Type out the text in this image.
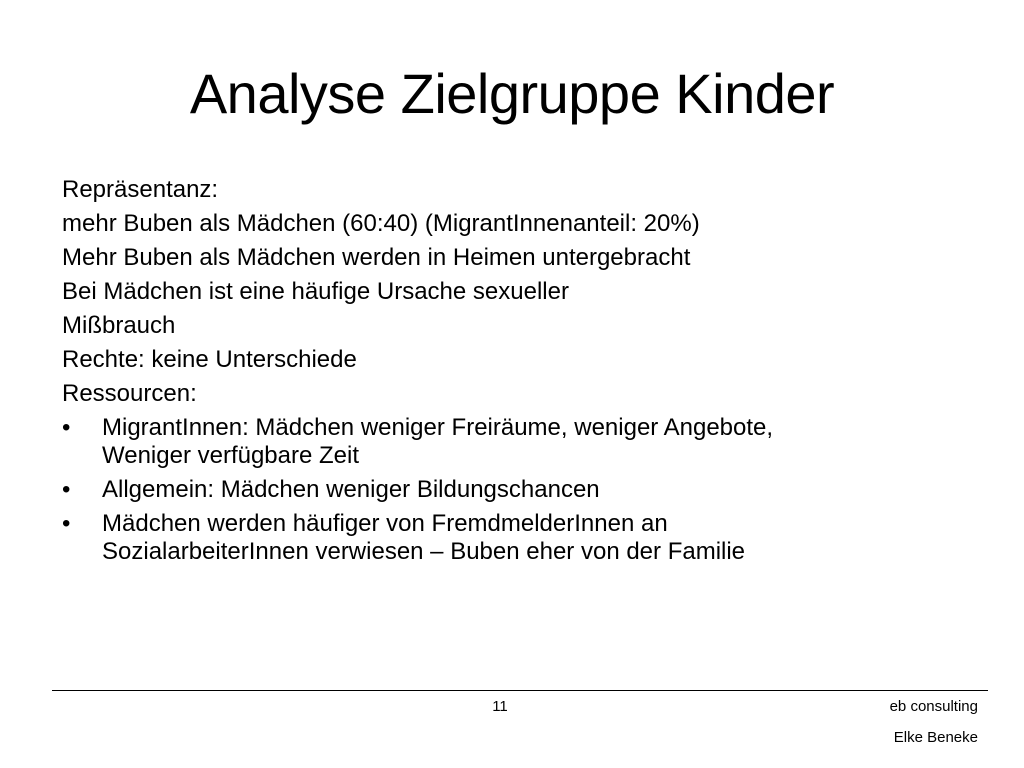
Analyse Zielgruppe Kinder
Repräsentanz:
mehr Buben als Mädchen (60:40) (MigrantInnenanteil: 20%)
Mehr Buben als Mädchen werden in Heimen untergebracht
Bei Mädchen ist eine häufige Ursache sexueller
Mißbrauch
Rechte: keine Unterschiede
Ressourcen:
•	MigrantInnen: Mädchen weniger Freiräume, weniger Angebote,
Weniger verfügbare Zeit
•	Allgemein: Mädchen weniger Bildungschancen
•	Mädchen werden häufiger von FremdmelderInnen an
SozialarbeiterInnen verwiesen – Buben eher von der Familie
11	eb consulting
Elke Beneke
